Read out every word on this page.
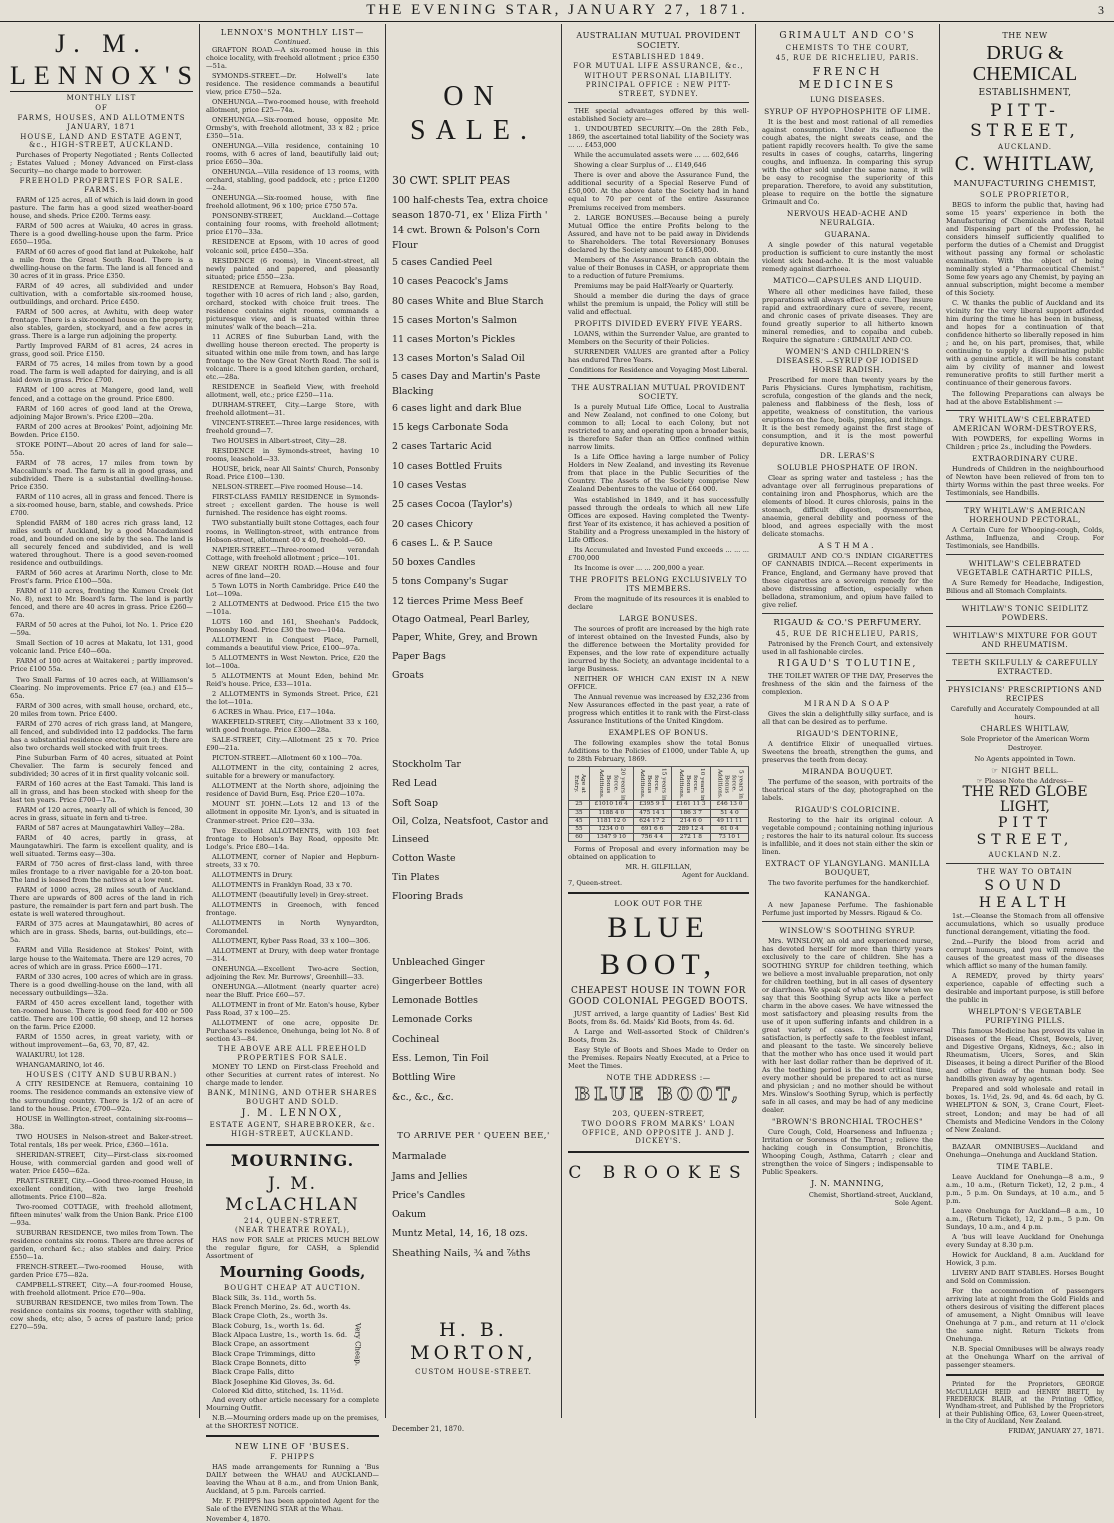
THE EVENING STAR, JANUARY 27, 1871.	3
J. M. LENNOX'S
MONTHLY LIST
OF
FARMS, HOUSES, AND ALLOTMENTS
JANUARY, 1871
HOUSE, LAND AND ESTATE AGENT, &c., HIGH-STREET, AUCKLAND.

Purchases of Property Negotiated ; Rents Collected ; Estates Valued ; Money Advanced on First-class Security—no charge made to borrower.

FREEHOLD PROPERTIES FOR SALE.
FARMS.

FARM of 125 acres, all of which is laid down in good pasture. The farm has a good sized weather-board house, and sheds. Price £200. Terms easy.

FARM of 500 acres at Waiuku, 40 acres in grass. There is a good dwelling-house upon the farm. Price £650—195a.

FARM of 60 acres of good flat land at Pukekohe, half a mile from the Great South Road. There is a dwelling-house on the farm. The land is all fenced and 30 acres of it in grass. Price £350.

FARM of 49 acres, all subdivided and under cultivation, with a comfortable six-roomed house, outbuildings, and orchard. Price £450.

FARM of 500 acres, at Awhitu, with deep water frontage. There is a six-roomed house on the property, also stables, garden, stockyard, and a few acres in grass. There is a large run adjoining the property.

Partly Improved FARM of 81 acres, 24 acres in grass, good soil. Price £150.

FARM of 75 acres, 14 miles from town by a good road. The farm is well adapted for dairying, and is all laid down in grass. Price £700.

FARM of 100 acres at Mangere, good land, well fenced, and a cottage on the ground. Price £800.

FARM of 160 acres of good land at the Orewa, adjoining Major Brown's. Price £200—20a.

FARM of 200 acres at Brookes' Point, adjoining Mr. Bowden. Price £150.

STOKE POINT—About 20 acres of land for sale—55a.

FARM of 78 acres, 17 miles from town by Maccallum's road. The farm is all in good grass, and subdivided. There is a substantial dwelling-house. Price £350.

FARM of 110 acres, all in grass and fenced. There is a six-roomed house, barn, stable, and cowsheds. Price £700.

Splendid FARM of 180 acres rich grass land, 12 miles south of Auckland, by a good Macadamised road, and bounded on one side by the sea. The land is all securely fenced and subdivided, and is well watered throughout. There is a good seven-roomed residence and outbuildings.

FARM of 560 acres at Ararimu North, close to Mr. Frost's farm. Price £100—50a.

FARM of 110 acres, fronting the Kumeu Creek (lot No. 8), next to Mr. Board's farm. The land is partly fenced, and there are 40 acres in grass. Price £260—67a.

FARM of 50 acres at the Puhoi, lot No. 1. Price £20 —59a.

Small Section of 10 acres at Makatu, lot 131, good volcanic land. Price £40—60a.

FARM of 100 acres at Waitakerei ; partly improved. Price £100 55a.

Two Small Farms of 10 acres each, at Williamson's Clearing. No improvements. Price £7 (ea.) and £15—65a.

FARM of 300 acres, with small house, orchard, etc., 20 miles from town. Price £400.

FARM of 270 acres of rich grass land, at Mangere, all fenced, and subdivided into 12 paddocks. The farm has a substantial residence erected upon it; there are also two orchards well stocked with fruit trees.

Pine Suburban Farm of 40 acres, situated at Point Chevalier. The farm is securely fenced and subdivided; 30 acres of it in first quality volcanic soil.

FARM of 160 acres at the East Tamaki. This land is all in grass, and has been stocked with sheep for the last ten years. Price £700—17a.

FARM of 120 acres, nearly all of which is fenced, 30 acres in grass, situate in fern and ti-tree.

FARM of 587 acres at Maungatawhiri Valley—28a.

FARM of 40 acres, partly in grass, at Maungatawhiri. The farm is excellent quality, and is well situated. Terms easy—30a.

FARM of 750 acres of first-class land, with three miles frontage to a river navigable for a 20-ton boat. The land is leased from the natives at a low rent.

FARM of 1000 acres, 28 miles south of Auckland. There are upwards of 800 acres of the land in rich pasture, the remainder is part fern and part bush. The estate is well watered throughout.

FARM of 375 acres at Maungatawhiri, 80 acres of which are in grass. Sheds, barns, out-buildings, etc—5a.

FARM and Villa Residence at Stokes' Point, with large house to the Waitemata. There are 129 acres, 70 acres of which are in grass. Price £600—171.

FARM of 330 acres, 100 acres of which are in grass. There is a good dwelling-house on the land, with all necessary outbuildings—32a.

FARM of 450 acres excellent land, together with ten-roomed house. There is good feed for 400 or 500 cattle. There are 100 cattle, 60 sheep, and 12 horses on the farm. Price £2000.

FARM of 1550 acres, in great variety, with or without improvement—6a, 63, 70, 87, 42.

WAIAKURU, lot 128.

WHANGAMARINO, lot 46.

HOUSES (CITY AND SUBURBAN.)

A CITY RESIDENCE at Remuera, containing 10 rooms. The residence commands an extensive view of the surrounding country. There is 1/2 of an acre of land to the house. Price, £700—92a.

HOUSE in Wellington-street, containing six-rooms—38a.

TWO HOUSES in Nelson-street and Baker-street. Total rentals, 18s per week. Price, £360—161a.

SHERIDAN-STREET, City—First-class six-roomed House, with commercial garden and good well of water. Price £450—62a.

PRATT-STREET, City.—Good three-roomed House, in excellent condition, with two large freehold allotments. Price £100—82a.

Two-roomed COTTAGE, with freehold allotment, fifteen minutes' walk from the Union Bank. Price £100—93a.

SUBURBAN RESIDENCE, two miles from Town. The residence contains six rooms. There are three acres of garden, orchard &c.; also stables and dairy. Price £550—1a.

FRENCH-STREET.—Two-roomed House, with garden Price £75—82a.

CAMPBELL-STREET, City.—A four-roomed House, with freehold allotment. Price £70—90a.

SUBURBAN RESIDENCE, two miles from Town. The residence contains six rooms, together with stabling, cow sheds, etc; also, 5 acres of pasture land; price £270—59a.

LENNOX'S MONTHLY LIST—
Continued.

GRAFTON ROAD.—A six-roomed house in this choice locality, with freehold allotment ; price £350—51a.

SYMONDS-STREET.—Dr. Holwell's late residence. The residence commands a beautiful view, price £750—52a.

ONEHUNGA.—Two-roomed house, with freehold allotment, price £25—74a.

ONEHUNGA.—Six-roomed house, opposite Mr. Ormsby's, with freehold allotment, 33 x 82 ; price £350—51a.

ONEHUNGA.—Villa residence, containing 10 rooms, with 6 acres of land, beautifully laid out; price £650—30a.

ONEHUNGA.—Villa residence of 13 rooms, with orchard, stabling, good paddock, etc ; price £1200—24a.

ONEHUNGA.—Six-roomed house, with fine freehold allotment, 96 x 100; price £750 57a.

PONSONBY-STREET, Auckland.—Cottage containing four rooms, with freehold allotment; price £170—33a.

RESIDENCE at Epsom, with 10 acres of good volcanic soil, price £450—35a.

RESIDENCE (6 rooms), in Vincent-street, all newly painted and papered, and pleasantly situated; price £550—23a.

RESIDENCE at Remuera, Hobson's Bay Road, together with 10 acres of rich land ; also, garden, orchard, stocked with choice fruit trees. The residence contains eight rooms, commands a picturesque view, and is situated within three minutes' walk of the beach—21a.

11 ACRES of fine Suburban Land, with the dwelling house thereon erected. The property is situated within one mile from town, and has large frontage to the New Great North Road. The soil is volcanic. There is a good kitchen garden, orchard, etc.—28a.

RESIDENCE in Seafield View, with freehold allotment, well, etc.; price £250—11a.

DURHAM-STREET, City.—Large Store, with freehold allotment—31.

VINCENT-STREET.—Three large residences, with freehold ground—7.

Two HOUSES in Albert-street, City—28.

RESIDENCE in Symonds-street, having 10 rooms, leasehold—33.

HOUSE, brick, near All Saints' Church, Ponsonby Road. Price £100—130.

NELSON-STREET.—Five roomed House—14.

FIRST-CLASS FAMILY RESIDENCE in Symonds-street ; excellent garden. The house is well furnished. The residence has eight rooms.

TWO substantially built stone Cottages, each four rooms, in Wellington-street, with entrance from Hobson-street, allotment 40 x 40, freehold—60.

NAPIER-STREET.—Three-roomed verandah Cottage, with freehold allotment ; price—101.

NEW GREAT NORTH ROAD.—House and four acres of fine land—20.

5 Town LOTS in North Cambridge. Price £40 the Lot—109a.

2 ALLOTMENTS at Dedwood. Price £15 the two—101a.

LOTS 160 and 161, Sheehan's Paddock, Ponsonby Road. Price £30 the two—104a.

ALLOTMENT in Conquest Place, Parnell, commands a beautiful view. Price, £100—97a.

5 ALLOTMENTS in West Newton. Price, £20 the lot—100a.

5 ALLOTMENTS at Mount Eden, behind Mr. Reid's house. Price, £33—101a.

2 ALLOTMENTS in Symonds Street. Price, £21 the lot—101a.

6 ACRES in Whau. Price, £17—104a.

WAKEFIELD-STREET, City.—Allotment 33 x 160, with good frontage. Price £300—28a.

SALE-STREET, City.—Allotment 25 x 70. Price £90—21a.

PICTON-STREET.—Allotment 60 x 100—70a.

ALLOTMENT in the city, containing 2 acres, suitable for a brewery or manufactory.

ALLOTMENT at the North shore, adjoining the residence of David Burn, Esq. Price £20—107a.

MOUNT ST. JOHN.—Lots 12 and 13 of the allotment in opposite Mr. Lyon's, and is situated in Cranmer-street. Price £20—33a.

Two Excellent ALLOTMENTS, with 103 feet frontage to Hobson's Bay Road, opposite Mr. Lodge's. Price £80—14a.

ALLOTMENT, corner of Napier and Hepburn-streets, 33 x 70.

ALLOTMENTS in Drury.

ALLOTMENTS in Franklyn Road, 33 x 70.

ALLOTMENT (beautifully level) in Grey-street.

ALLOTMENTS in Greenoch, with fenced frontage.

ALLOTMENTS in North Wynyardton, Coromandel.

ALLOTMENT, Kyber Pass Road, 33 x 100—306.

ALLOTMENT at Drury, with deep water frontage—314.

ONEHUNGA.—Excellent Two-acre Section, adjoining the Rev. Mr. Burrows', Greenhill—33.

ONEHUNGA.—Allotment (nearly quarter acre) near the Bluff. Price £60—57.

ALLOTMENT in front of Mr. Eaton's house, Kyber Pass Road, 37 x 100—25.

ALLOTMENT of one acre, opposite Dr. Purchase's residence, Onehunga, being lot No. 8 of section 43—84.

THE ABOVE ARE ALL FREEHOLD PROPERTIES FOR SALE.

MONEY TO LEND on First-class Freehold and other Securities at current rates of interest. No charge made to lender.

BANK, MINING, AND OTHER SHARES BOUGHT AND SOLD.
J. M. LENNOX,
ESTATE AGENT, SHAREBROKER, &c.
HIGH-STREET, AUCKLAND.
MOURNING.
J. M. McLACHLAN
214, QUEEN-STREET,
(NEAR THEATRE ROYAL),

HAS now FOR SALE at PRICES MUCH BELOW the regular figure, for CASH, a Splendid Assortment of

Mourning Goods,
BOUGHT CHEAP AT AUCTION.
Black Silk, 3s. 11d., worth 5s.
Black French Merino, 2s. 6d., worth 4s.
Black Crape Cloth, 2s., worth 3s.
Black Coburg, 1s., worth 1s. 6d.
Black Alpaca Lustre, 1s., worth 1s. 6d.
Black Crape, an assortment
Black Crape Trimmings, ditto
Black Crape Bonnets, ditto
Black Crape Falls, ditto
Black Josephine Kid Gloves, 3s. 6d.
Colored Kid ditto, stitched, 1s. 11½d.
Very Cheap.

And every other article necessary for a complete Mourning Outfit.

N.B.—Mourning orders made up on the premises, at the SHORTEST NOTICE.

NEW LINE OF 'BUSES.
F. PHIPPS

HAS made arrangements for Running a 'Bus DAILY between the WHAU and AUCKLAND—leaving the Whau at 8 a.m., and from Union Bank, Auckland, at 5 p.m. Parcels carried.

Mr. F. PHIPPS has been appointed Agent for the Sale of the EVENING STAR at the Whau.

November 4, 1870.
ON SALE.
30 CWT. SPLIT PEAS
100 half-chests Tea, extra choice season 1870-71, ex ' Eliza Firth '
14 cwt. Brown & Polson's Corn Flour
5 cases Candied Peel
10 cases Peacock's Jams
80 cases White and Blue Starch
15 cases Morton's Salmon
11 cases Morton's Pickles
13 cases Morton's Salad Oil
5 cases Day and Martin's Paste Blacking
6 cases light and dark Blue
15 kegs Carbonate Soda
2 cases Tartaric Acid
10 cases Bottled Fruits
10 cases Vestas
25 cases Cocoa (Taylor's)
20 cases Chicory
6 cases L. & P. Sauce
50 boxes Candles
5 tons Company's Sugar
12 tierces Prime Mess Beef
Otago Oatmeal, Pearl Barley, Paper, White, Grey, and Brown
Paper Bags
Groats
Stockholm Tar
Red Lead
Soft Soap
Oil, Colza, Neatsfoot, Castor and Linseed
Cotton Waste
Tin Plates
Flooring Brads
Unbleached Ginger
Gingerbeer Bottles
Lemonade Bottles
Lemonade Corks
Cochineal
Ess. Lemon, Tin Foil
Bottling Wire
&c., &c., &c.
TO ARRIVE PER ' QUEEN BEE,'
Marmalade
Jams and Jellies
Price's Candles
Oakum
Muntz Metal, 14, 16, 18 ozs.
Sheathing Nails, ¾ and ⅞ths
H. B. MORTON,
CUSTOM HOUSE-STREET.
December 21, 1870.
AUSTRALIAN MUTUAL PROVIDENT SOCIETY.
ESTABLISHED 1849.
FOR MUTUAL LIFE ASSURANCE, &c.,
WITHOUT PERSONAL LIABILITY.
PRINCIPAL OFFICE : NEW PITT-STREET, SYDNEY.

THE special advantages offered by this well-established Society are—

1. UNDOUBTED SECURITY.—On the 28th Feb., 1869, the ascertained total liability of the Society was ... ... £453,000

While the accumulated assets were ... ... 602,646

Showing a clear Surplus of ... £149,646

There is over and above the Assurance Fund, the additional security of a Special Reserve Fund of £50,000. At the above date the Society had in hand equal to 70 per cent of the entire Assurance Premiums received from members.

2. LARGE BONUSES.—Because being a purely Mutual Office the entire Profits belong to the Assured, and have not to be paid away in Dividends to Shareholders. The total Reversionary Bonuses declared by the Society amount to £485,000.

Members of the Assurance Branch can obtain the value of their Bonuses in CASH, or appropriate them to a reduction of future Premiums.

Premiums may be paid Half-Yearly or Quarterly.

Should a member die during the days of grace whilst the premium is unpaid, the Policy will still be valid and effectual.

PROFITS DIVIDED EVERY FIVE YEARS.

LOANS, within the Surrender Value, are granted to Members on the Security of their Policies.

SURRENDER VALUES are granted after a Policy has endured Three Years.

Conditions for Residence and Voyaging Most Liberal.
THE AUSTRALIAN MUTUAL PROVIDENT SOCIETY.

Is a purely Mutual Life Office, Local to Australia and New Zealand, not confined to one Colony, but common to all; Local to each Colony, but not restricted to any, and operating upon a broader basis, is therefore Safer than an Office confined within narrow limits.

Is a Life Office having a large number of Policy Holders in New Zealand, and investing its Revenue from that place in the Public Securities of the Country. The Assets of the Society comprise New Zealand Debentures to the value of £64 000.

Was established in 1849, and it has successfully passed through the ordeals to which all new Life Offices are exposed. Having completed the Twenty-first Year of its existence, it has achieved a position of Stability and a Progress unexampled in the history of Life Offices.

Its Accumulated and Invested Fund exceeds ... ... ... £700,000

Its Income is over ... ... 200,000 a year.

THE PROFITS BELONG EXCLUSIVELY TO ITS MEMBERS.

From the magnitude of its resources it is enabled to declare

LARGE BONUSES.

The sources of profit are increased by the high rate of interest obtained on the Invested Funds, also by the difference between the Mortality provided for Expenses, and the low rate of expenditure actually incurred by the Society, an advantage incidental to a large Business.

NEITHER OF WHICH CAN EXIST IN A NEW OFFICE.

The Annual revenue was increased by £32,236 from New Assurances effected in the past year, a rate of progress which entitles it to rank with the First-class Assurance Institutions of the United Kingdom.

EXAMPLES OF BONUS.

The following examples show the total Bonus Additions to the Policies of £1000, under Table A, up to 28th February, 1869.

Age at Entry.	20 years in force. Bonus Additions.	15 years in force. Bonus Additions.	10 years in force. Bonus Additions.	5 years in force. Bonus Additions.
25	£1010 16 4	£395 9 1	£161 11 3	£46 13 0
35	1188 4 0	475 14 1	186 3 7	51 4 0
45	1181 12 0	624 17 2	214 6 0	49 11 11
55	1234 0 0	691 6 6	289 12 4	61 0 4
60	1347 9 10	756 4 4	272 1 8	73 10 1

Forms of Proposal and every information may be obtained on application to

MR. H. GILFILLAN,
Agent for Auckland.
7, Queen-street.
LOOK OUT FOR THE
BLUE BOOT,
CHEAPEST HOUSE IN TOWN FOR GOOD COLONIAL PEGGED BOOTS.

JUST arrived, a large quantity of Ladies' Best Kid Boots, from 8s. 6d. Maids' Kid Boots, from 4s. 6d.

A Large and Well-assorted Stock of Children's Boots, from 2s.

Easy Style of Boots and Shoes Made to Order on the Premises. Repairs Neatly Executed, at a Price to Meet the Times.

NOTE THE ADDRESS :—
BLUE BOOT,
203, QUEEN-STREET,
TWO DOORS FROM MARKS' LOAN OFFICE, AND OPPOSITE J. AND J. DICKEY'S.
C BROOKES
GRIMAULT AND CO'S
CHEMISTS TO THE COURT,
45, RUE DE RICHELIEU, PARIS.
FRENCH MEDICINES
LUNG DISEASES.
SYRUP OF HYPOPHOSPHITE OF LIME.

It is the best and most rational of all remedies against consumption. Under its influence the cough abates, the night sweats cease, and the patient rapidly recovers health. To give the same results in cases of coughs, catarrhs, lingering coughs, and influenza. In comparing this syrup with the other sold under the same name, it will be easy to recognise the superiority of this preparation. Therefore, to avoid any substitution, please to require on the bottle the signature Grimault and Co.

NERVOUS HEAD-ACHE AND NEURALGIA.
GUARANA.

A single powder of this natural vegetable production is sufficient to cure instantly the most violent sick head-ache. It is the most valuable remedy against diarrhoea.

MATICO—CAPSULES AND LIQUID.

Where all other medicines have failed, these preparations will always effect a cure. They insure rapid and extraordinary cure of severe, recent, and chronic cases of private diseases. They are found greatly superior to all hitherto known mineral remedies, and to copaiba and cubeb. Require the signature : GRIMAULT AND CO.

WOMEN'S AND CHILDREN'S DISEASES. —SYRUP OF IODISED HORSE RADISH.

Prescribed for more than twenty years by the Paris Physicians. Cures lymphatism, rachitism, scrofula, congestion of the glands and the neck, paleness and flabbiness of the flesh, loss of appetite, weakness of constitution, the various eruptions on the face, boils, pimples, and itchings. It is the best remedy against the first stage of consumption, and it is the most powerful depurative known.

DR. LERAS'S
SOLUBLE PHOSPHATE OF IRON.

Clear as spring water and tasteless ; has the advantage over all ferruginous preparations of containing iron and Phosphorus, which are the elements of blood. It cures chlorosis, pains in the stomach, difficult digestion, dysmenorrhea, anaemia, general debility and poorness of the blood, and agrees especially with the most delicate stomachs.

ASTHMA.

GRIMAULT AND CO.'S INDIAN CIGARETTES OF CANNABIS INDICA.—Recent experiments in France, England, and Germany have proved that these cigarettes are a sovereign remedy for the above distressing affection, especially when belladona, stramonium, and opium have failed to give relief.

RIGAUD & CO.'S PERFUMERY.
45, RUE DE RICHELIEU, PARIS,

Patronised by the French Court, and extensively used in all fashionable circles.

RIGAUD'S TOLUTINE,

THE TOILET WATER OF THE DAY, Preserves the freshness of the skin and the fairness of the complexion.

MIRANDA SOAP

Gives the skin a delightfully silky surface, and is all that can be desired as to perfume.

RIGAUD'S DENTORINE,

A dentifrice Elixir of unequalled virtues. Sweetens the breath, strengthen the gums, and preserves the teeth from decay.

MIRANDA BOUQUET.

The perfume of the season, with portraits of the theatrical stars of the day, photographed on the labels.

RIGAUD'S COLORICINE.

Restoring to the hair its original colour. A vegetable compound ; containing nothing injurious ; restores the hair to its natural colour. Its success is infallible, and it does not stain either the skin or linen.

EXTRACT OF YLANGYLANG. MANILLA BOUQUET,

The two favorite perfumes for the handkerchief.

KANANGA.

A new Japanese Perfume. The fashionable Perfume just imported by Messrs. Rigaud & Co.

WINSLOW'S SOOTHING SYRUP.

Mrs. WINSLOW, an old and experienced nurse, has devoted herself for more than thirty years exclusively to the care of children. She has a SOOTHING SYRUP for children teething, which we believe a most invaluable preparation, not only for children teething, but in all cases of dysentery or diarrhoea. We speak of what we know when we say that this Soothing Syrup acts like a perfect charm in the above cases. We have witnessed the most satisfactory and pleasing results from the use of it upon suffering infants and children in a great variety of cases. It gives universal satisfaction, is perfectly safe to the feeblest infant, and pleasant to the taste. We sincerely believe that the mother who has once used it would part with her last dollar rather than be deprived of it. As the teething period is the most critical time, every mother should be prepared to act as nurse and physician ; and no mother should be without Mrs. Winslow's Soothing Syrup, which is perfectly safe in all cases, and may be had of any medicine dealer.

"BROWN'S BRONCHIAL TROCHES"

Cure Cough, Cold, Hoarseness and Influenza ; Irritation or Soreness of the Throat ; relieve the hacking cough in Consumption, Bronchitis, Whooping Cough, Asthma, Catarrh ; clear and strengthen the voice of Singers ; indispensable to Public Speakers.

J. N. MANNING,
Chemist, Shortland-street, Auckland,
Sole Agent.
THE NEW
DRUG & CHEMICAL
ESTABLISHMENT,
PITT-STREET,
AUCKLAND.
C. WHITLAW,
MANUFACTURING CHEMIST,
SOLE PROPRIETOR,

BEGS to inform the public that, having had some 15 years' experience in both the Manufacturing of Chemicals and the Retail and Dispensing part of the Profession, he considers himself sufficiently qualified to perform the duties of a Chemist and Druggist without passing any formal or scholastic examination. With the object of being nominally styled a "Pharmaceutical Chemist." Some few years ago any Chemist, by paying an annual subscription, might become a member of this Society.

C. W. thanks the public of Auckland and its vicinity for the very liberal support afforded him during the time he has been in business, and hopes for a continuation of that confidence hitherto so liberally reposed in him ; and he, on his part, promises, that, while continuing to supply a discriminating public with a genuine article, it will be his constant aim by civility of manner and lowest remunerative profits to still further merit a continuance of their generous favors.

The following Preparations can always be had at the above Establishment :—

TRY WHITLAW'S CELEBRATED AMERICAN WORM-DESTROYERS,

With POWDERS, for expelling Worms in Children ; price 2s., including the Powders.

EXTRAORDINARY CURE.

Hundreds of Children in the neighbourhood of Newton have been relieved of from ten to thirty Worms within the past three weeks. For Testimonials, see Handbills.

TRY WHITLAW'S AMERICAN HOREHOUND PECTORAL,

A Certain Cure for Whooping-cough, Colds, Asthma, Influenza, and Croup. For Testimonials, see Handbills.

WHITLAW'S CELEBRATED VEGETABLE CATHARTIC PILLS,

A Sure Remedy for Headache, Indigestion, Bilious and all Stomach Complaints.

WHITLAW'S TONIC SEIDLITZ POWDERS.
WHITLAW'S MIXTURE FOR GOUT AND RHEUMATISM.
TEETH SKILFULLY & CAREFULLY EXTRACTED.
PHYSICIANS' PRESCRIPTIONS AND RECIPES
Carefully and Accurately Compounded at all hours.
CHARLES WHITLAW,
Sole Proprietor of the American Worm Destroyer.
No Agents appointed in Town.
☞ NIGHT BELL.
☞ Please Note the Address—
THE RED GLOBE LIGHT,
PITT STREET,
AUCKLAND N.Z.
THE WAY TO OBTAIN
SOUND HEALTH

1st.—Cleanse the Stomach from all offensive accumulations, which so usually produce functional derangement, vitiating the food.

2nd.—Purify the blood from acrid and corrupt humours, and you will remove the causes of the greatest mass of the diseases which afflict so many of the human family.

A REMEDY, proved by thirty years' experience, capable of effecting such a desirable and important purpose, is still before the public in

WHELPTON'S VEGETABLE PURIFYING PILLS.

This famous Medicine has proved its value in Diseases of the Head, Chest, Bowels, Liver, and Digestive Organs, Kidneys, &c.; also in Rheumatism, Ulcers, Sores, and Skin Diseases, it being a direct Purifier of the Blood and other fluids of the human body. See handbills given away by agents.

Prepared and sold wholesale and retail in boxes, 1s. 1½d, 2s. 9d, and 4s. 6d each, by G. WHELPTON & SON, 3, Crane Court, Fleet-street, London; and may be had of all Chemists and Medicine Vendors in the Colony of New Zealand.

BAZAAR OMNIBUSES—Auckland and Onehunga—Onehunga and Auckland Station.

TIME TABLE.

Leave Auckland for Onehunga—8 a.m., 9 a.m., 10 a.m., (Return Ticket), 12, 2 p.m., 4 p.m., 5 p.m. On Sundays, at 10 a.m., and 5 p.m.

Leave Onehunga for Auckland—8 a.m., 10 a.m., (Return Ticket), 12, 2 p.m., 5 p.m. On Sundays, 10 a.m., and 4 p.m.

A 'bus will leave Auckland for Onehunga every Sunday at 8.30 p.m.

Howick for Auckland, 8 a.m. Auckland for Howick, 3 p.m.

LIVERY AND BAIT STABLES. Horses Bought and Sold on Commission.

For the accommodation of passengers arriving late at night from the Gold Fields and others desirous of visiting the different places of amusement, a Night Omnibus will leave Onehunga at 7 p.m., and return at 11 o'clock the same night. Return Tickets from Onehunga.

N.B. Special Omnibuses will be always ready at the Onehunga Wharf on the arrival of passenger steamers.

Printed for the Proprietors, GEORGE McCULLAGH REID and HENRY BRETT, by FREDERICK BLAIR, at the Printing Office, Wyndham-street, and Published by the Proprietors at their Publishing Office, 63, Lower Queen-street, in the City of Auckland, New Zealand.

FRIDAY, JANUARY 27, 1871.
